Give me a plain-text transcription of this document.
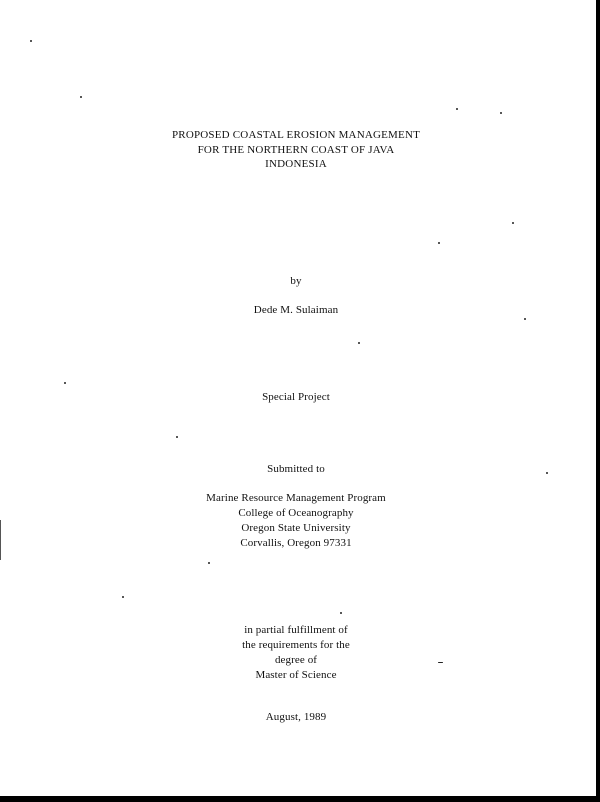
PROPOSED COASTAL EROSION MANAGEMENT
FOR THE NORTHERN COAST OF JAVA
INDONESIA
by
Dede M. Sulaiman
Special Project
Submitted to
Marine Resource Management Program
College of Oceanography
Oregon State University
Corvallis, Oregon 97331
in partial fulfillment of
the requirements for the
degree of
Master of Science
August, 1989
